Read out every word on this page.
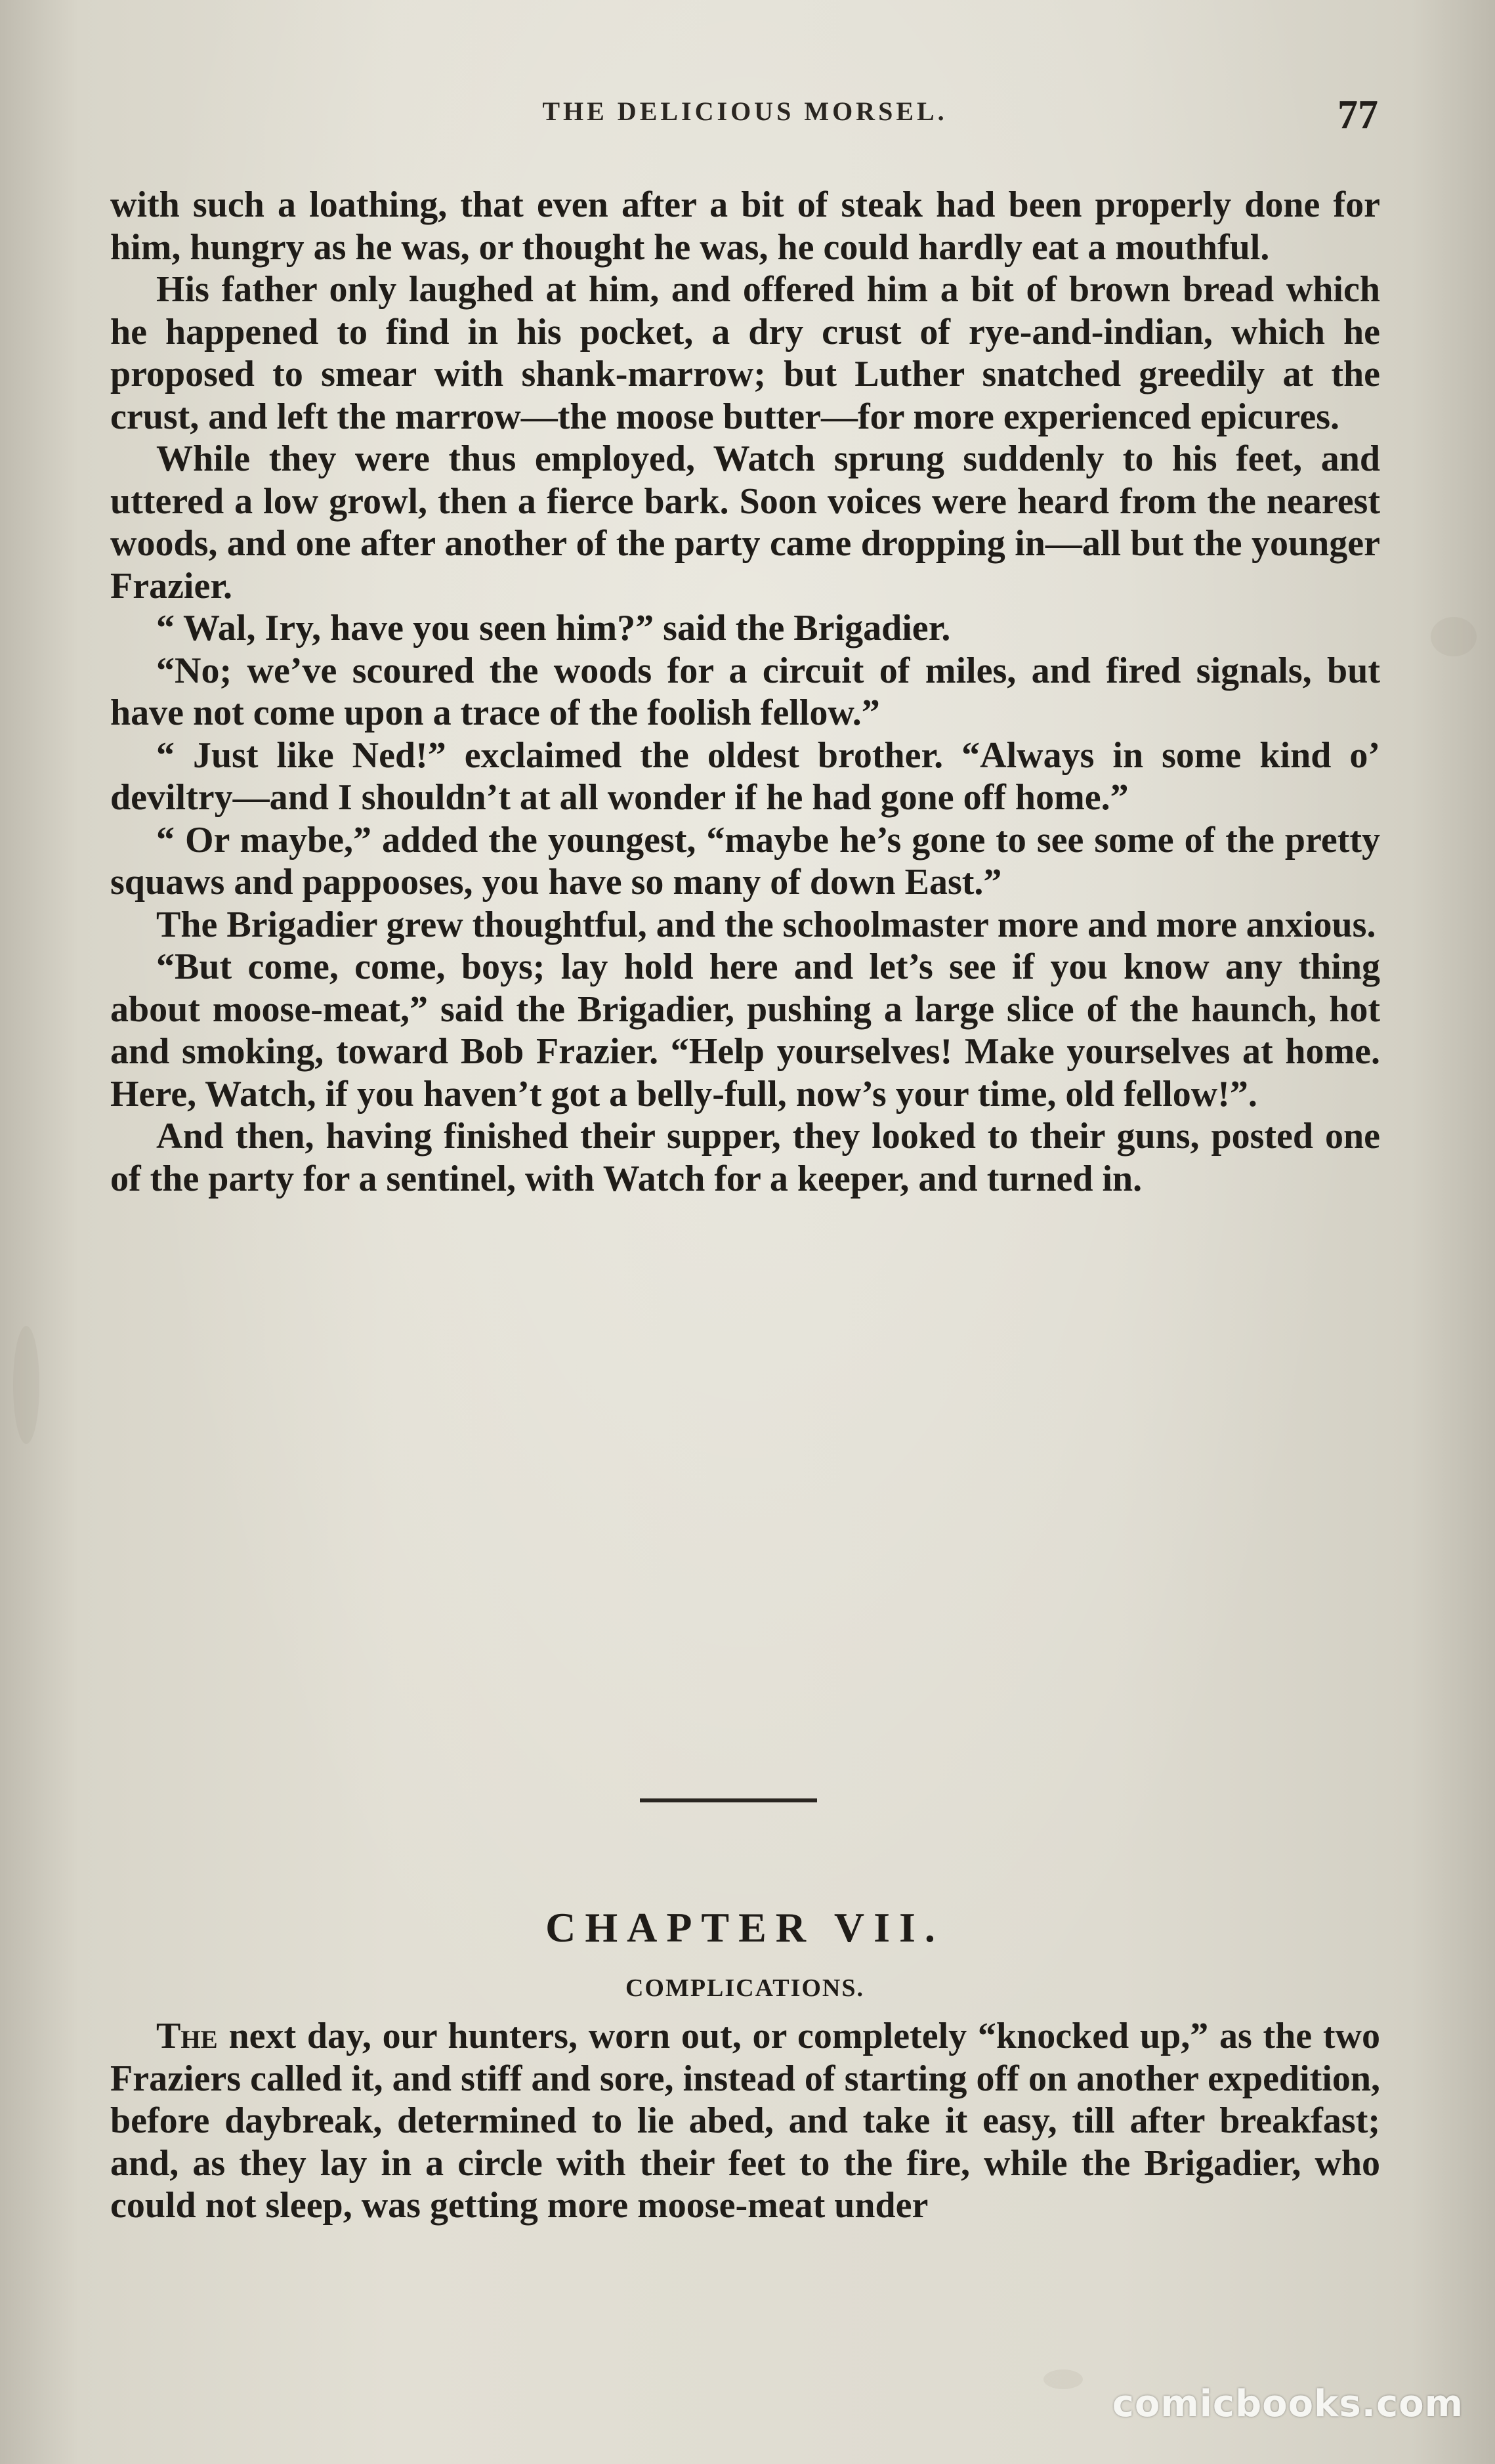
THE DELICIOUS MORSEL.	77

with such a loathing, that even after a bit of steak had been properly done for him, hungry as he was, or thought he was, he could hardly eat a mouthful.

His father only laughed at him, and offered him a bit of brown bread which he happened to find in his pocket, a dry crust of rye-and-indian, which he proposed to smear with shank-marrow; but Luther snatched greedily at the crust, and left the marrow—the moose butter—for more experienced epicures.

While they were thus employed, Watch sprung suddenly to his feet, and uttered a low growl, then a fierce bark. Soon voices were heard from the nearest woods, and one after another of the party came dropping in—all but the younger Frazier.

“ Wal, Iry, have you seen him?” said the Brigadier.

“No; we’ve scoured the woods for a circuit of miles, and fired signals, but have not come upon a trace of the foolish fellow.”

“ Just like Ned!” exclaimed the oldest brother. “Always in some kind o’ deviltry—and I shouldn’t at all wonder if he had gone off home.”

“ Or maybe,” added the youngest, “maybe he’s gone to see some of the pretty squaws and pappooses, you have so many of down East.”

The Brigadier grew thoughtful, and the schoolmaster more and more anxious.

“But come, come, boys; lay hold here and let’s see if you know any thing about moose-meat,” said the Brigadier, pushing a large slice of the haunch, hot and smoking, toward Bob Frazier. “Help yourselves! Make yourselves at home. Here, Watch, if you haven’t got a belly-full, now’s your time, old fellow!”.

And then, having finished their supper, they looked to their guns, posted one of the party for a sentinel, with Watch for a keeper, and turned in.

CHAPTER VII.
COMPLICATIONS.

The next day, our hunters, worn out, or completely “knocked up,” as the two Fraziers called it, and stiff and sore, instead of starting off on another expedition, before daybreak, determined to lie abed, and take it easy, till after breakfast; and, as they lay in a circle with their feet to the fire, while the Brigadier, who could not sleep, was getting more moose-meat under

comicbooks.com
